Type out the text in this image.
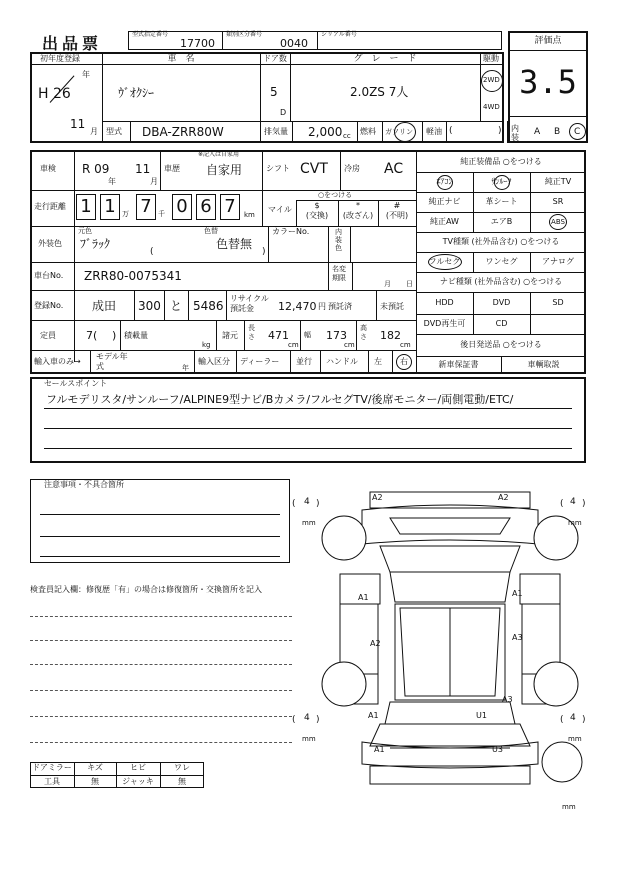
出品票	型式指定番号
17700
類別区分番号
0040
シリアル番号
評価点
3.5
初年度登録
年
H 26
11
月
車　名
ｳﾞｵｸｼｰ
ドア数
5
D
グ　レ　ー　ド
2.0ZS 7人
駆動
2WD
4WD
型式 DBA-ZRR80W	排気量 2,000 cc 燃料 ガソリン 軽油 (	) 内装
A B C
車検 R 09
年
11
月
車歴
※記入は自家用
自家用	シフト CVT 冷房 AC
走行距離 1 1 万 7 千 0 6 7	km
マイル
○をつける
$
(交換)
*
(改ざん)
#
(不明)
外装色
元色
ﾌﾞﾗｯｸ
色替
色替無
(	)
カラーNo.	内装色
車台No. ZRR80-0075341	名変期限
月 日
登録No. 成田 300 と 5486
リサイクル預託金	12,470 円 預託済	未預託
定員	7( ) 積載量
kg
諸元
長さ 471
cm
幅 173
cm
高さ 182
cm
輸入車のみ→
モデル年式	年
輸入区分 ディーラー 並行 ハンドル 左 右
純正装備品 ○をつける
ｴｱｺﾝ	ｻﾝﾙｰﾌ	純正TV
純正ナビ	革シート	SR
純正AW	エアB	ABS
TV種類 (社外品含む) ○をつける
フルセグ	ワンセグ	アナログ
ナビ種類 (社外品含む) ○をつける
HDD	DVD	SD
DVD再生可	CD
後日発送品 ○をつける
新車保証書	車輌取説
セールスポイント
フルモデリスタ/サンルーフ/ALPINE9型ナビ/Bカメラ/フルセグTV/後席モニター/両側電動/ETC/
注意事項・不具合箇所
検査員記入欄：修復歴「有」の場合は修復箇所・交換箇所を記入
ドアミラー	キズ	ヒビ	ワレ
工具	無	ジャッキ	無
( 4 )
mm
( 4 )
mm
( 4 )
mm
( 4 )
mm
mm
A2	A2
A1
A2
A1
A3
A3
A1	U1
A1	U3
